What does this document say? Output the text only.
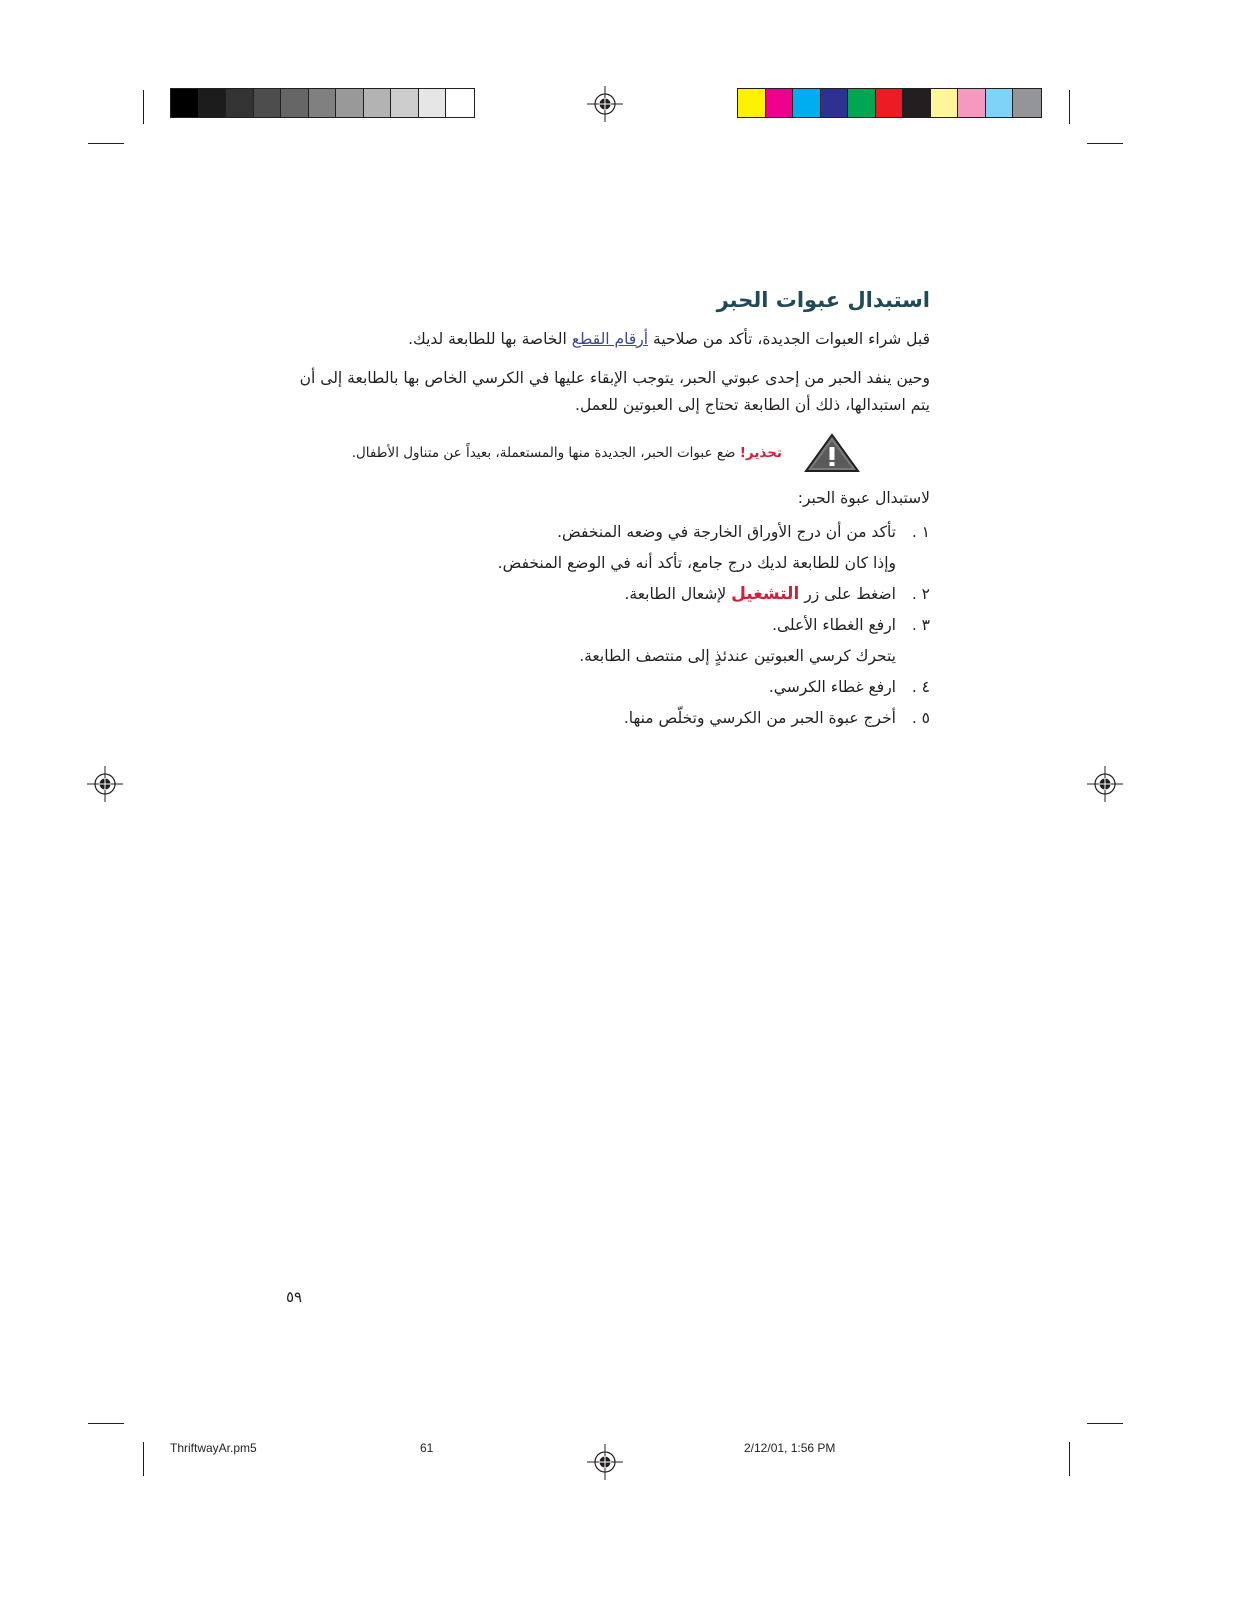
استبدال عبوات الحبر

قبل شراء العبوات الجديدة، تأكد من صلاحية أرقام القطع الخاصة بها للطابعة لديك.

وحين ينفد الحبر من إحدى عبوتي الحبر، يتوجب الإبقاء عليها في الكرسي الخاص بها بالطابعة إلى أن يتم استبدالها، ذلك أن الطابعة تحتاج إلى العبوتين للعمل.

تحذير! ضع عبوات الحبر، الجديدة منها والمستعملة، بعيداً عن متناول الأطفال.

لاستبدال عبوة الحبر:

١ .
تأكد من أن درج الأوراق الخارجة في وضعه المنخفض.
وإذا كان للطابعة لديك درج جامع، تأكد أنه في الوضع المنخفض.
٢ .
اضغط على زر التشغيل لإشعال الطابعة.
٣ .
ارفع الغطاء الأعلى.
يتحرك كرسي العبوتين عندئذٍ إلى منتصف الطابعة.
٤ .
ارفع غطاء الكرسي.
٥ .
أخرج عبوة الحبر من الكرسي وتخلّص منها.
٥٩
ThriftwayAr.pm5	61	2/12/01, 1:56 PM
